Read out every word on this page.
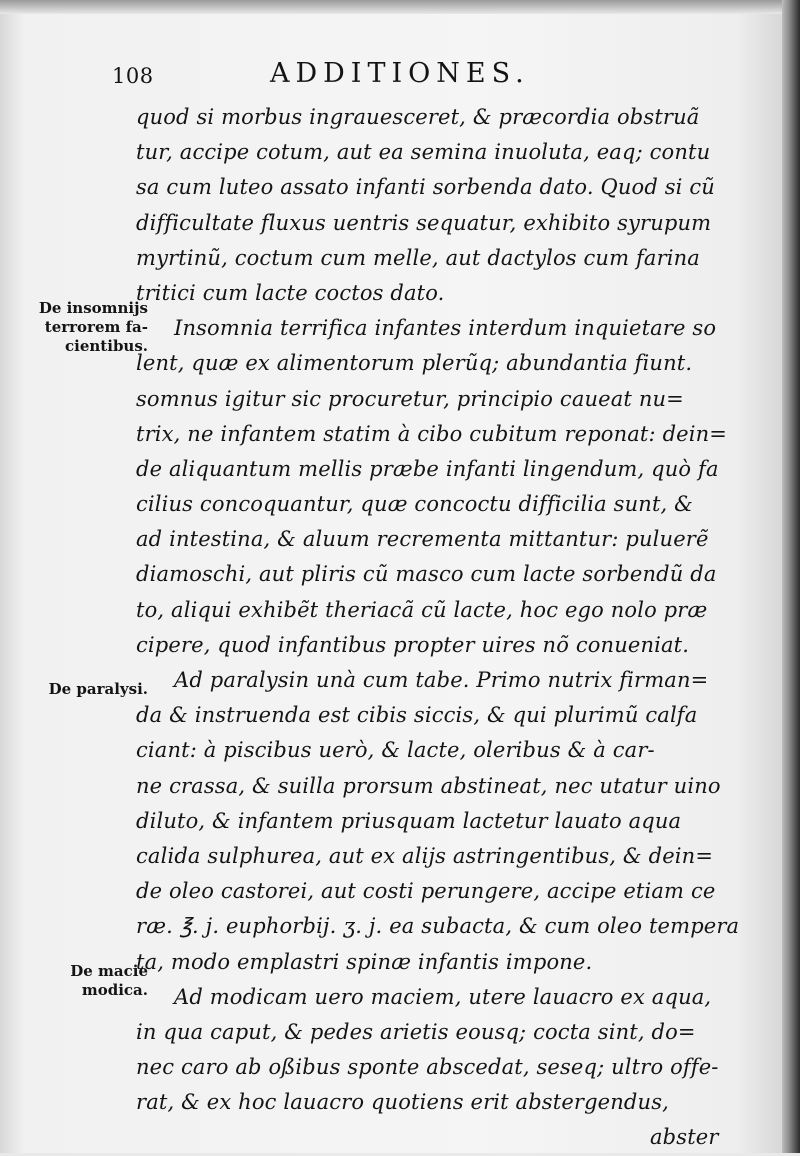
108	ADDITIONES.
De insomnijs
terrorem fa-
cientibus.
De paralysi.
De macie
modica.
quod si morbus ingrauesceret, & præcordia obstruã
tur, accipe cotum, aut ea semina inuoluta, eaq; contu
sa cum luteo assato infanti sorbenda dato. Quod si cũ
difficultate fluxus uentris sequatur, exhibito syrupum
myrtinũ, coctum cum melle, aut dactylos cum farina
tritici cum lacte coctos dato.
Insomnia terrifica infantes interdum inquietare so
lent, quæ ex alimentorum plerũq; abundantia fiunt.
somnus igitur sic procuretur, principio caueat nu=
trix, ne infantem statim à cibo cubitum reponat: dein=
de aliquantum mellis præbe infanti lingendum, quò fa
cilius concoquantur, quæ concoctu difficilia sunt, &
ad intestina, & aluum recrementa mittantur: puluerẽ
diamoschi, aut pliris cũ masco cum lacte sorbendũ da
to, aliqui exhibẽt theriacã cũ lacte, hoc ego nolo præ
cipere, quod infantibus propter uires nõ conueniat.
Ad paralysin unà cum tabe. Primo nutrix firman=
da & instruenda est cibis siccis, & qui plurimũ calfa
ciant: à piscibus uerò, & lacte, oleribus & à car-
ne crassa, & suilla prorsum abstineat, nec utatur uino
diluto, & infantem priusquam lactetur lauato aqua
calida sulphurea, aut ex alijs astringentibus, & dein=
de oleo castorei, aut costi perungere, accipe etiam ce
ræ. ℥. j. euphorbij. ʒ. j. ea subacta, & cum oleo tempera
ta, modo emplastri spinæ infantis impone.
Ad modicam uero maciem, utere lauacro ex aqua,
in qua caput, & pedes arietis eousq; cocta sint, do=
nec caro ab oßibus sponte abscedat, seseq; ultro offe-
rat, & ex hoc lauacro quotiens erit abstergendus,
abster
